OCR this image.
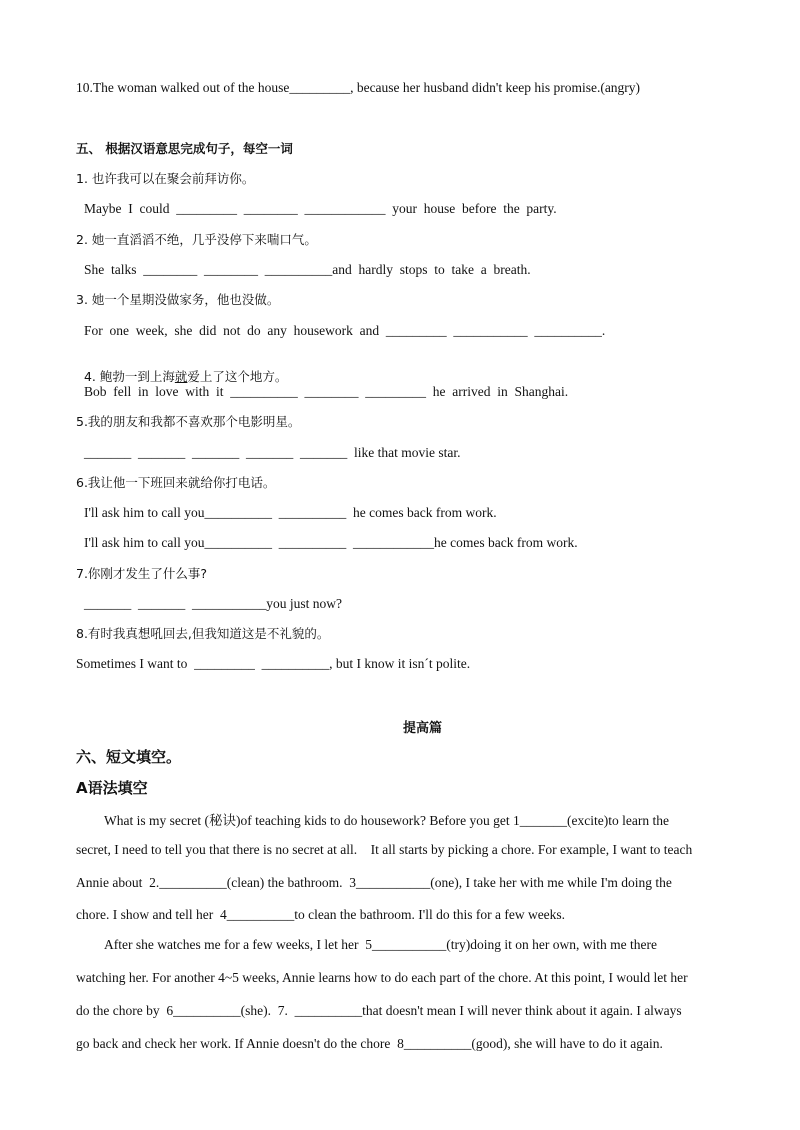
10.The woman walked out of the house_________, because her husband didn't keep his promise.(angry)
五、 根据汉语意思完成句子，每空一词
1. 也许我可以在聚会前拜访你。
Maybe  I  could  _________  ________  ____________  your  house  before  the  party.
2. 她一直滔滔不绝，几乎没停下来喘口气。
She  talks  ________  ________  __________and  hardly  stops  to  take  a  breath.
3. 她一个星期没做家务，他也没做。
For  one  week,  she  did  not  do  any  housework  and  _________  ___________  __________.

4. 鲍勃一到上海就爱上了这个地方。

Bob  fell  in  love  with  it  __________  ________  _________  he  arrived  in  Shanghai.
5.我的朋友和我都不喜欢那个电影明星。
_______  _______  _______  _______  _______  like that movie star.
6.我让他一下班回来就给你打电话。
I'll ask him to call you__________  __________  he comes back from work.
I'll ask him to call you__________  __________  ____________he comes back from work.
7.你刚才发生了什么事?
_______  _______  ___________you just now?
8.有时我真想吼回去,但我知道这是不礼貌的。
Sometimes I want to  _________  __________, but I know it isn´t polite.
提高篇
六、短文填空。
A语法填空
What is my secret (秘诀)of teaching kids to do housework? Before you get 1_______(excite)to learn the
secret, I need to tell you that there is no secret at all.    It all starts by picking a chore. For example, I want to teach
Annie about  2.__________(clean) the bathroom.  3___________(one), I take her with me while I'm doing the
chore. I show and tell her  4__________to clean the bathroom. I'll do this for a few weeks.
After she watches me for a few weeks, I let her  5___________(try)doing it on her own, with me there
watching her. For another 4~5 weeks, Annie learns how to do each part of the chore. At this point, I would let her
do the chore by  6__________(she).  7.  __________that doesn't mean I will never think about it again. I always
go back and check her work. If Annie doesn't do the chore  8__________(good), she will have to do it again.
